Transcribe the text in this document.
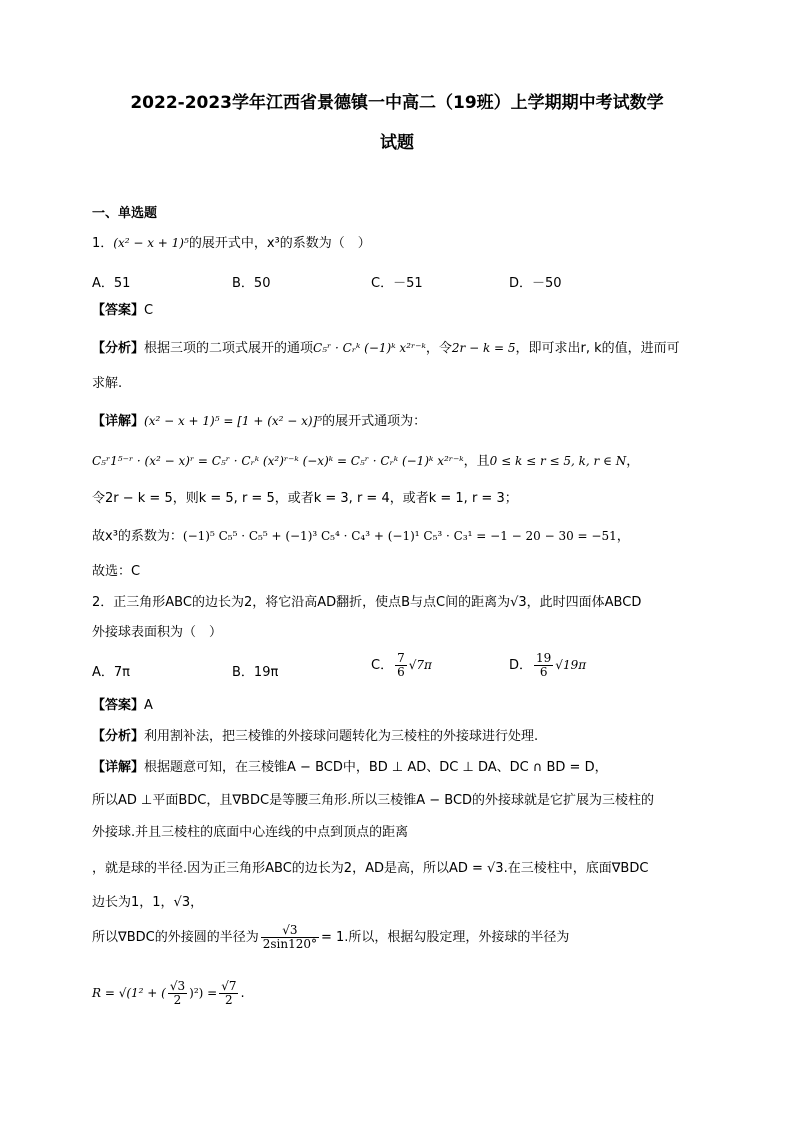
2022-2023学年江西省景德镇一中高二（19班）上学期期中考试数学
试题
一、单选题
1．(x² − x + 1)⁵的展开式中，x³的系数为（　）
A．51	B．50	C．－51	D．－50
【答案】C
【分析】根据三项的二项式展开的通项C₅ʳ · Cᵣᵏ (−1)ᵏ x²ʳ⁻ᵏ，令2r − k = 5，即可求出r, k的值，进而可
求解.
【详解】(x² − x + 1)⁵ = [1 + (x² − x)]⁵的展开式通项为：
C₅ʳ1⁵⁻ʳ · (x² − x)ʳ = C₅ʳ · Cᵣᵏ (x²)ʳ⁻ᵏ (−x)ᵏ = C₅ʳ · Cᵣᵏ (−1)ᵏ x²ʳ⁻ᵏ，且0 ≤ k ≤ r ≤ 5, k, r ∈ N，
令2r − k = 5，则k = 5, r = 5，或者k = 3, r = 4，或者k = 1, r = 3；
故x³的系数为：(−1)⁵ C₅⁵ · C₅⁵ + (−1)³ C₅⁴ · C₄³ + (−1)¹ C₅³ · C₃¹ = −1 − 20 − 30 = −51，
故选：C
2．正三角形ABC的边长为2，将它沿高AD翻折，使点B与点C间的距离为√3，此时四面体ABCD
外接球表面积为（　）
A．7π	B．19π	C． $\frac{7}{6} √7\pi$	D． $\frac{19}{6} √19\pi$
【答案】A
【分析】利用割补法，把三棱锥的外接球问题转化为三棱柱的外接球进行处理.
【详解】根据题意可知，在三棱锥A − BCD中，BD ⊥ AD、DC ⊥ DA、DC ∩ BD = D，
所以AD ⊥平面BDC，且∇BDC是等腰三角形.所以三棱锥A − BCD的外接球就是它扩展为三棱柱的
外接球.并且三棱柱的底面中心连线的中点到顶点的距离
，就是球的半径.因为正三角形ABC的边长为2，AD是高，所以AD = √3.在三棱柱中，底面∇BDC
边长为1，1，√3，
所以∇BDC的外接圆的半径为 $\frac{√3}{2\sin 120^\circ} = 1$.所以，根据勾股定理，外接球的半径为
R = √(1² + ( $\frac{√3}{2} )^2) = \frac{√7}{2}$ .
